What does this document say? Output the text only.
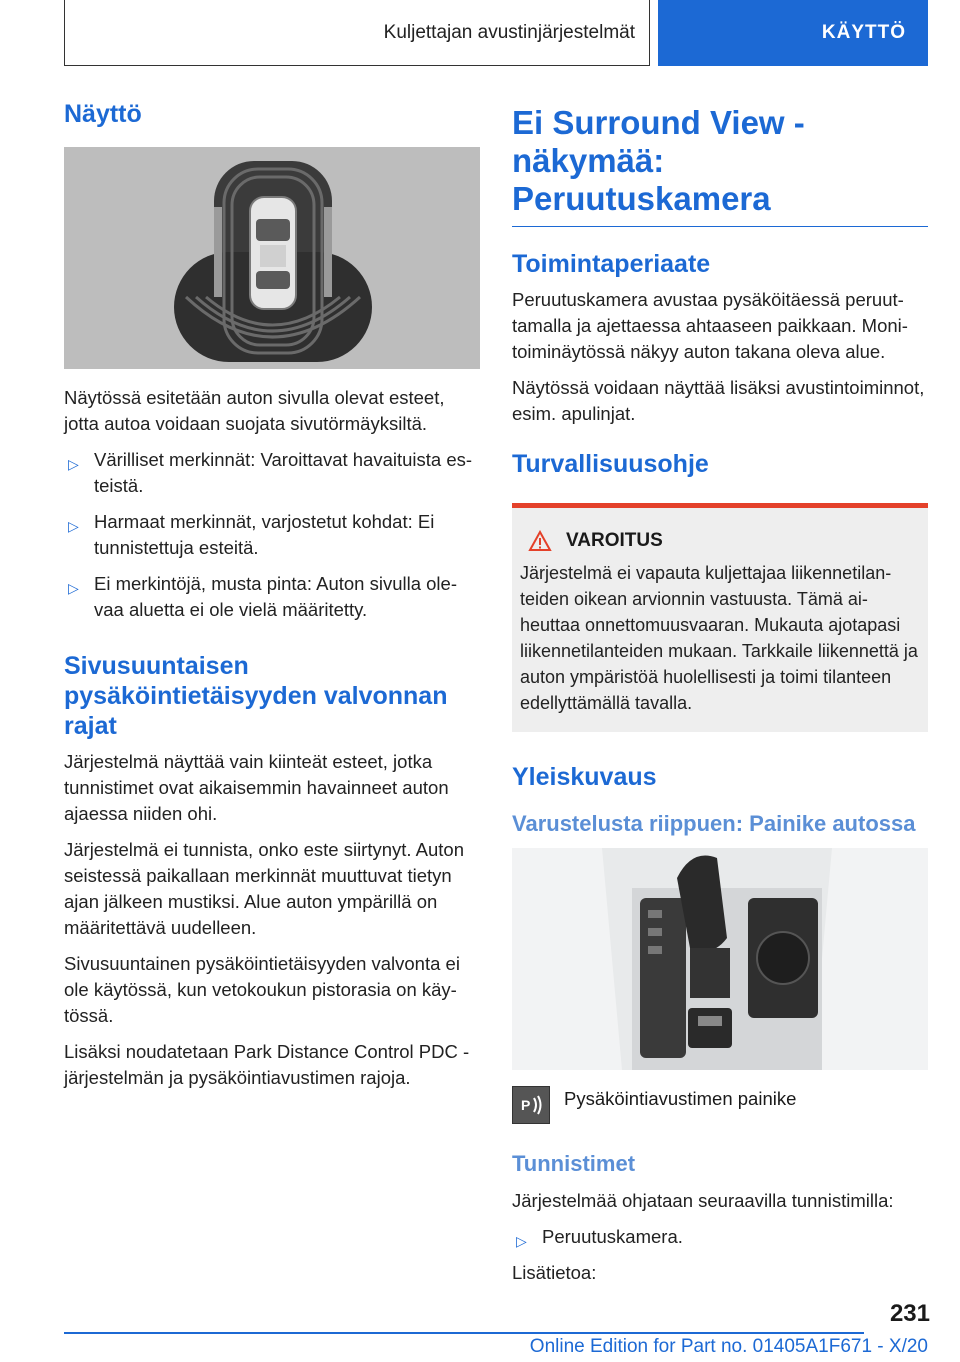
Kuljettajan avustinjärjestelmät	KÄYTTÖ
Näyttö

Näytössä esitetään auton sivulla olevat esteet, jotta autoa voidaan suojata sivutörmäyksiltä.

▷ Värilliset merkinnät: Varoittavat havaituista esteistä.
▷ Harmaat merkinnät, varjostetut kohdat: Ei tunnistettuja esteitä.
▷ Ei merkintöjä, musta pinta: Auton sivulla olevaa aluetta ei ole vielä määritetty.
Sivusuuntaisen pysäköintietäisyyden valvonnan rajat

Järjestelmä näyttää vain kiinteät esteet, jotka tunnistimet ovat aikaisemmin havainneet auton ajaessa niiden ohi.

Järjestelmä ei tunnista, onko este siirtynyt. Auton seistessä paikallaan merkinnät muuttuvat tietyn ajan jälkeen mustiksi. Alue auton ympärillä on määritettävä uudelleen.

Sivusuuntainen pysäköintietäisyyden valvonta ei ole käytössä, kun vetokoukun pistorasia on käytössä.

Lisäksi noudatetaan Park Distance Control PDC -järjestelmän ja pysäköintiavustimen rajoja.

Ei Surround View -näkymää: Peruutuskamera
Toimintaperiaate

Peruutuskamera avustaa pysäköitäessä peruuttamalla ja ajettaessa ahtaaseen paikkaan. Monitoiminäytössä näkyy auton takana oleva alue.

Näytössä voidaan näyttää lisäksi avustintoiminnot, esim. apulinjat.

Turvallisuusohje
VAROITUS
Järjestelmä ei vapauta kuljettajaa liikennetilanteiden oikean arvionnin vastuusta. Tämä aiheuttaa onnettomuusvaaran. Mukauta ajotapasi liikennetilanteiden mukaan. Tarkkaile liikennettä ja auton ympäristöä huolellisesti ja toimi tilanteen edellyttämällä tavalla.
Yleiskuvaus
Varustelusta riippuen: Painike autossa
P Pysäköintiavustimen painike
Tunnistimet

Järjestelmää ohjataan seuraavilla tunnistimilla:

▷ Peruutuskamera.

Lisätietoa:

231
Online Edition for Part no. 01405A1F671 - X/20
